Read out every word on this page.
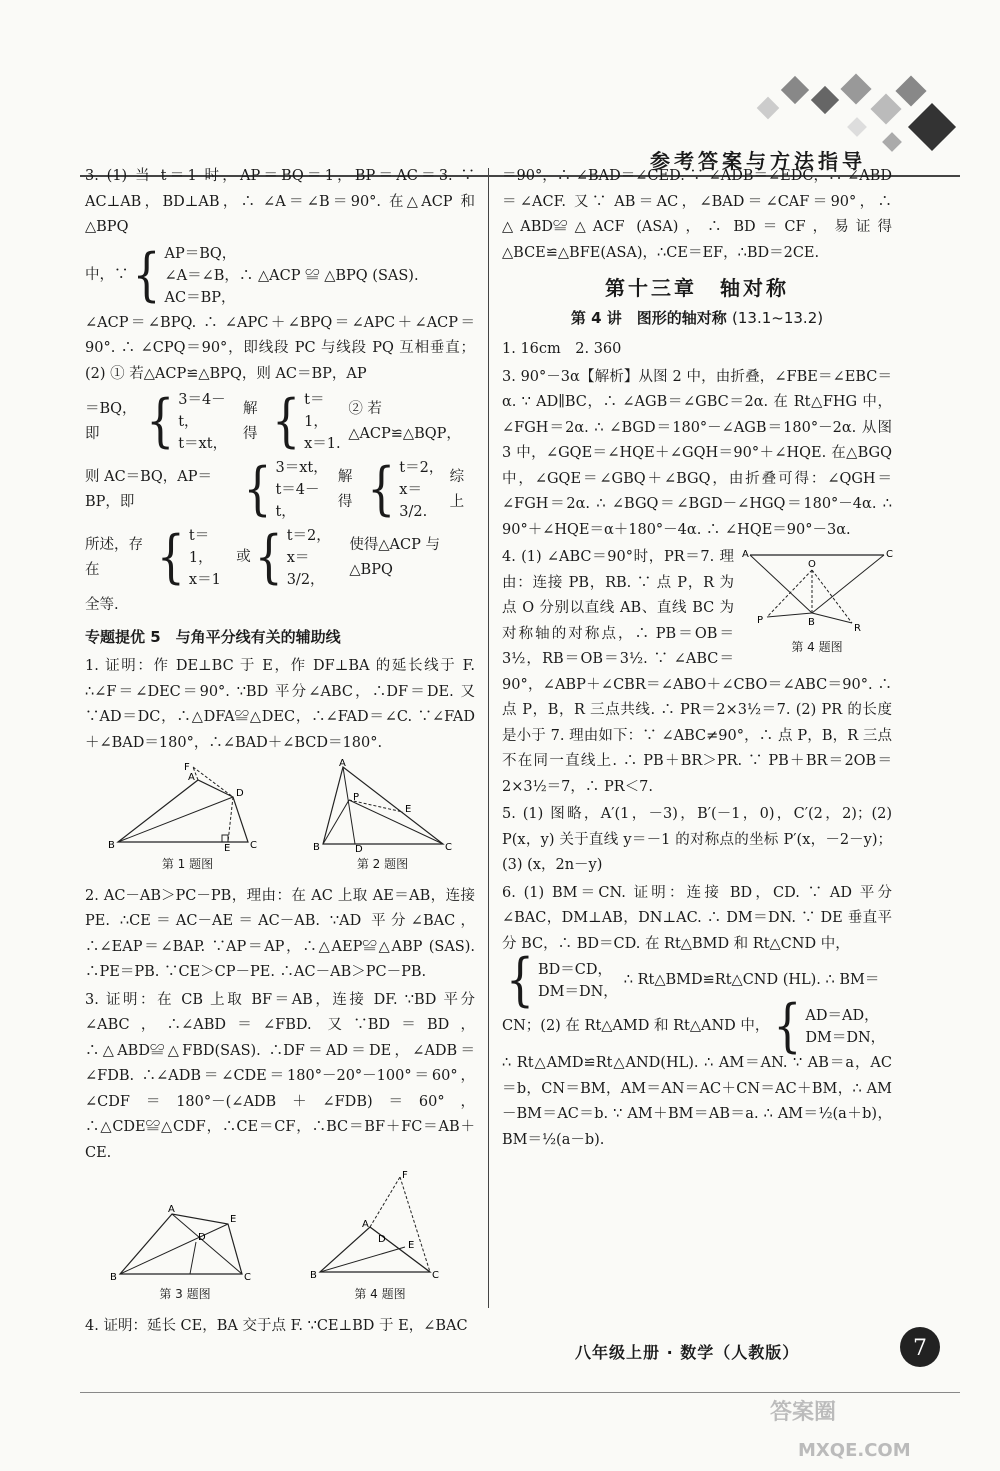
参考答案与方法指导

3. (1) 当 t＝1 时，AP＝BQ＝1，BP＝AC＝3. ∵ AC⊥AB，BD⊥AB，∴ ∠A＝∠B＝90°. 在△ACP 和△BPQ

中，∵ { AP＝BQ，
∠A＝∠B，∴ △ACP ≌ △BPQ (SAS).
AC＝BP，

∠ACP＝∠BPQ. ∴ ∠APC＋∠BPQ＝∠APC＋∠ACP＝90°. ∴ ∠CPQ＝90°，即线段 PC 与线段 PQ 互相垂直；(2) ① 若△ACP≌△BPQ，则 AC＝BP，AP

＝BQ，即	{ 3＝4－t，
t＝xt，
解得 { t＝1，
x＝1.
② 若△ACP≌△BQP，
则 AC＝BQ，AP＝BP，即	{ 3＝xt，
t＝4－t，
解得 { t＝2，
x＝3/2.
综上
所述，存在	{ t＝1，
x＝1
或 { t＝2，
x＝3/2，
使得△ACP 与△BPQ

全等.

专题提优 5　与角平分线有关的辅助线

1. 证明：作 DE⊥BC 于 E，作 DF⊥BA 的延长线于 F. ∴∠F＝∠DEC＝90°. ∵BD 平分∠ABC，∴DF＝DE. 又∵AD＝DC，∴△DFA≌△DEC，∴∠FAD＝∠C. ∵∠FAD＋∠BAD＝180°，∴∠BAD＋∠BCD＝180°.

B	C
A
D
F
E
第 1 题图
A
P
B	C
E
D
第 2 题图

2. AC－AB＞PC－PB，理由：在 AC 上取 AE＝AB，连接 PE. ∴CE＝AC－AE＝AC－AB. ∵AD 平分∠BAC，∴∠EAP＝∠BAP. ∵AP＝AP，∴△AEP≌△ABP (SAS). ∴PE＝PB. ∵CE＞CP－PE. ∴AC－AB＞PC－PB.

3. 证明：在 CB 上取 BF＝AB，连接 DF. ∵BD 平分∠ABC，∴∠ABD＝∠FBD. 又∵BD＝BD，∴△ABD≌△FBD(SAS). ∴DF＝AD＝DE，∠ADB＝∠FDB. ∴∠ADB＝∠CDE＝180°－20°－100°＝60°，∠CDF＝180°－(∠ADB＋∠FDB)＝60°，∴△CDE≌△CDF，∴CE＝CF，∴BC＝BF＋FC＝AB＋CE.

B	C
A
E
D
第 3 题图
B	C
A
F
E
D
第 4 题图

4. 证明：延长 CE，BA 交于点 F. ∵CE⊥BD 于 E，∠BAC

＝90°，∴ ∠BAD＝∠CED. ∵ ∠ADB＝∠EDC，∴ ∠ABD＝∠ACF. 又∵ AB＝AC，∠BAD＝∠CAF＝90°，∴ △ABD≌△ACF (ASA)，∴ BD＝CF，易证得△BCE≌△BFE(ASA)，∴CE＝EF，∴BD＝2CE.

第十三章　轴对称
第 4 讲　图形的轴对称 (13.1~13.2)

1. 16cm　2. 360

3. 90°－3α【解析】从图 2 中，由折叠，∠FBE＝∠EBC＝α. ∵ AD∥BC，∴ ∠AGB＝∠GBC＝2α. 在 Rt△FHG 中，∠FGH＝2α. ∴ ∠BGD＝180°－∠AGB＝180°－2α. 从图 3 中，∠GQE＝∠HQE＋∠GQH＝90°＋∠HQE. 在△BGQ 中，∠GQE＝∠GBQ＋∠BGQ，由折叠可得：∠QGH＝∠FGH＝2α. ∴ ∠BGQ＝∠BGD－∠HGQ＝180°－4α. ∴ 90°＋∠HQE＝α＋180°－4α. ∴ ∠HQE＝90°－3α.

A	C
O
P	B
R
第 4 题图

4. (1) ∠ABC＝90°时，PR＝7. 理由：连接 PB，RB. ∵ 点 P，R 为点 O 分别以直线 AB、直线 BC 为对称轴的对称点，∴ PB＝OB＝3½，RB＝OB＝3½. ∵ ∠ABC＝90°，∠ABP＋∠CBR＝∠ABO＋∠CBO＝∠ABC＝90°. ∴ 点 P，B，R 三点共线. ∴ PR＝2×3½＝7. (2) PR 的长度是小于 7. 理由如下：∵ ∠ABC≠90°，∴ 点 P，B，R 三点不在同一直线上. ∴ PB＋BR＞PR. ∵ PB＋BR＝2OB＝2×3½＝7，∴ PR＜7.

5. (1) 图略，A′(1，－3)，B′(－1，0)，C′(2，2)；(2) P(x，y) 关于直线 y＝－1 的对称点的坐标 P′(x，－2－y)；(3) (x，2n－y)

6. (1) BM＝CN. 证明：连接 BD，CD. ∵ AD 平分∠BAC，DM⊥AB，DN⊥AC. ∴ DM＝DN. ∵ DE 垂直平分 BC，∴ BD＝CD. 在 Rt△BMD 和 Rt△CND 中，

{ BD＝CD，
DM＝DN，
∴ Rt△BMD≌Rt△CND (HL). ∴ BM＝
CN；(2) 在 Rt△AMD 和 Rt△AND 中， { AD＝AD，
DM＝DN，

∴ Rt△AMD≌Rt△AND(HL). ∴ AM＝AN. ∵ AB＝a，AC＝b，CN＝BM，AM＝AN＝AC＋CN＝AC＋BM，∴ AM－BM＝AC＝b. ∵ AM＋BM＝AB＝a. ∴ AM＝½(a＋b)，BM＝½(a－b).

八年级上册 · 数学（人教版）	7
答案圈
MXQE.COM
